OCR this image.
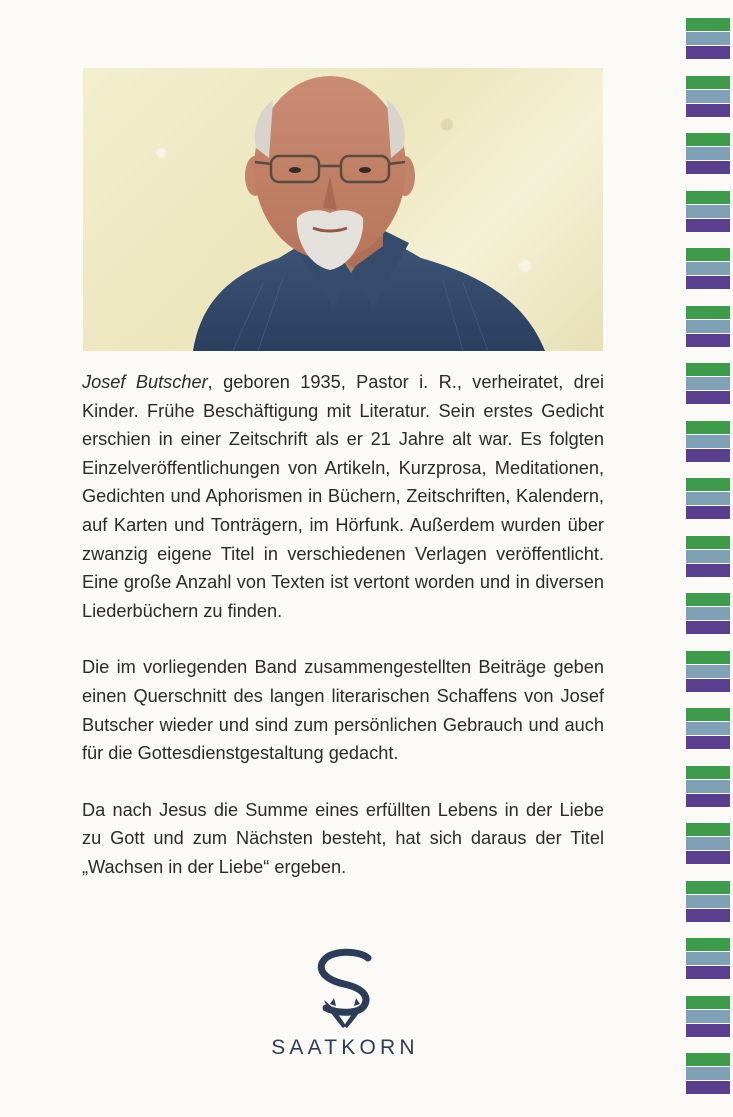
Josef Butscher, geboren 1935, Pastor i. R., verheiratet, drei Kinder. Frühe Beschäftigung mit Literatur. Sein erstes Gedicht erschien in einer Zeitschrift als er 21 Jahre alt war. Es folgten Einzelveröffentlichungen von Artikeln, Kurzprosa, Meditationen, Gedichten und Aphorismen in Büchern, Zeitschriften, Kalendern, auf Karten und Tonträgern, im Hörfunk. Außerdem wurden über zwanzig eigene Titel in verschiedenen Verlagen veröffentlicht. Eine große Anzahl von Texten ist vertont worden und in diversen Liederbüchern zu finden.

Die im vorliegenden Band zusammengestellten Beiträge geben einen Querschnitt des langen literarischen Schaffens von Josef Butscher wieder und sind zum persönlichen Gebrauch und auch für die Gottesdienstgestaltung gedacht.

Da nach Jesus die Summe eines erfüllten Lebens in der Liebe zu Gott und zum Nächsten besteht, hat sich daraus der Titel „Wachsen in der Liebe“ ergeben.

SAATKORN
